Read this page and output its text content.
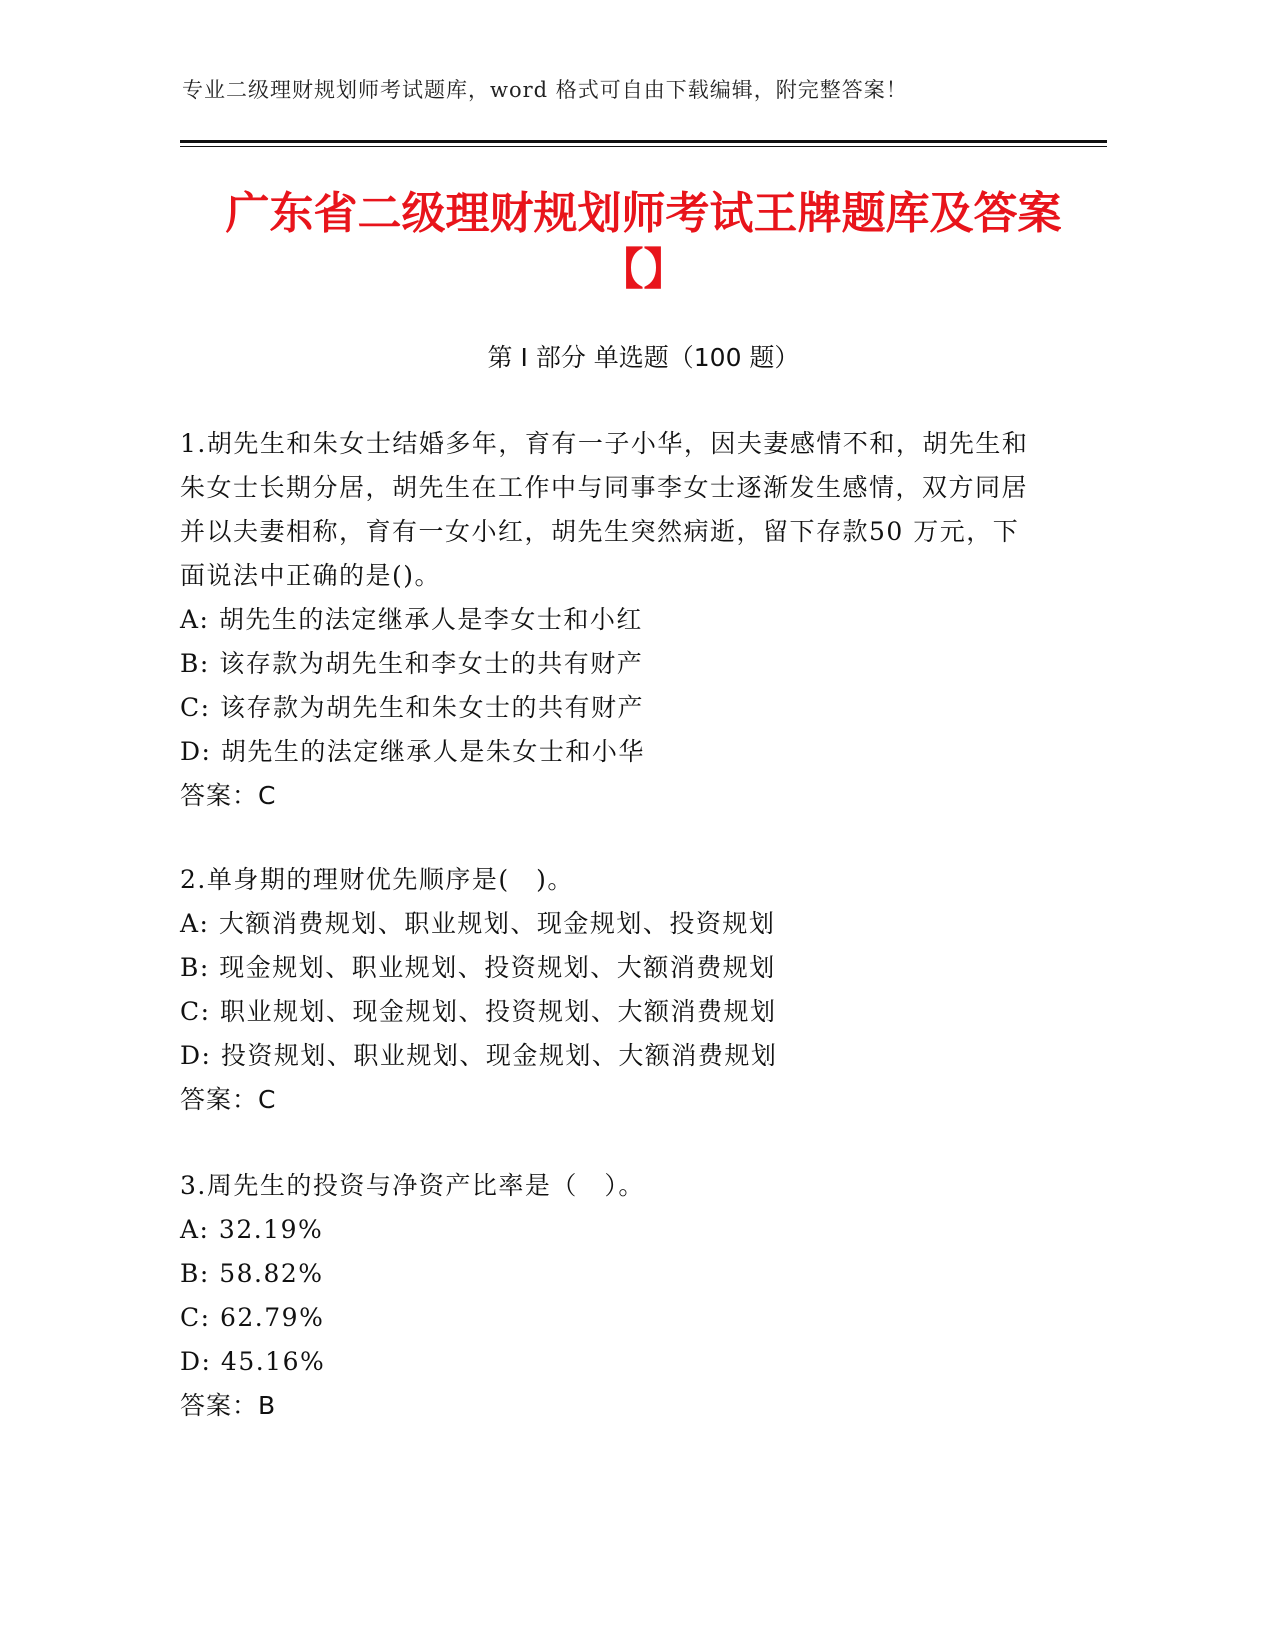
专业二级理财规划师考试题库，word 格式可自由下载编辑，附完整答案！
广东省二级理财规划师考试王牌题库及答案
【】
第 I 部分 单选题（100 题）

1.胡先生和朱女士结婚多年，育有一子小华，因夫妻感情不和，胡先生和朱女士长期分居，胡先生在工作中与同事李女士逐渐发生感情，双方同居并以夫妻相称，育有一女小红，胡先生突然病逝，留下存款50 万元，下面说法中正确的是()。

A: 胡先生的法定继承人是李女士和小红

B: 该存款为胡先生和李女士的共有财产

C: 该存款为胡先生和朱女士的共有财产

D: 胡先生的法定继承人是朱女士和小华

答案：C

2.单身期的理财优先顺序是(　)。

A: 大额消费规划、职业规划、现金规划、投资规划

B: 现金规划、职业规划、投资规划、大额消费规划

C: 职业规划、现金规划、投资规划、大额消费规划

D: 投资规划、职业规划、现金规划、大额消费规划

答案：C

3.周先生的投资与净资产比率是（　）。

A: 32.19%

B: 58.82%

C: 62.79%

D: 45.16%

答案：B
